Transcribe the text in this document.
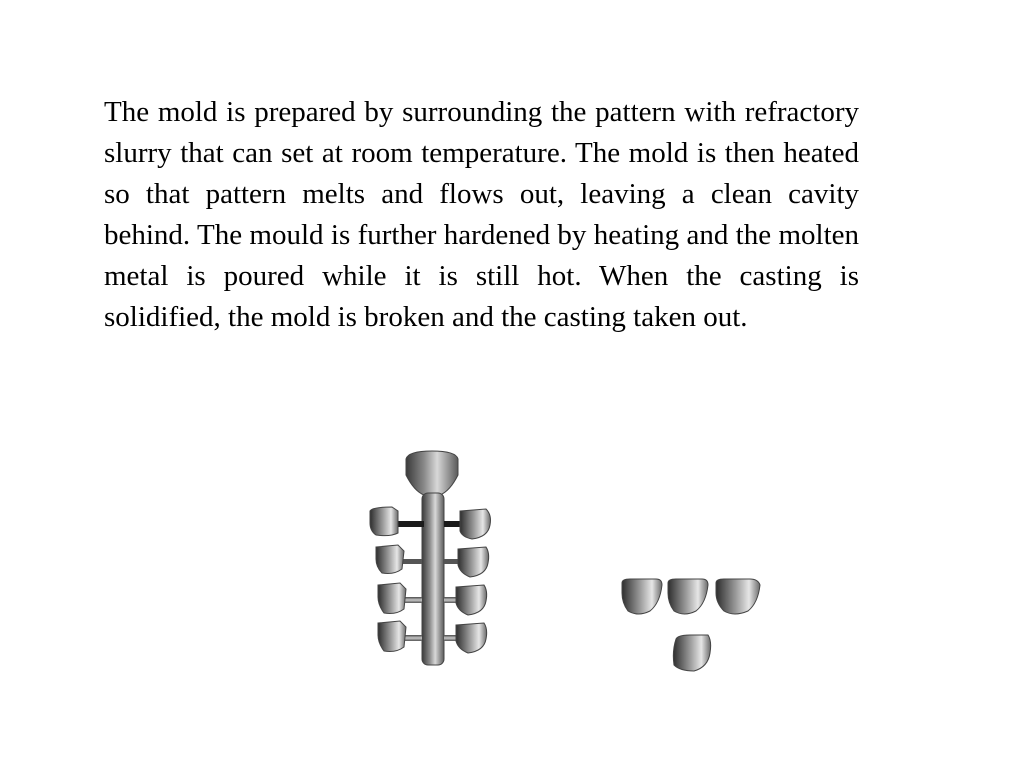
The mold is prepared by surrounding the pattern with refractory slurry that can set at room temperature. The mold is then heated so that pattern melts and flows out, leaving a clean cavity behind. The mould is further hardened by heating and the molten metal is poured while it is still hot. When the casting is solidified, the mold is broken and the casting taken out.
